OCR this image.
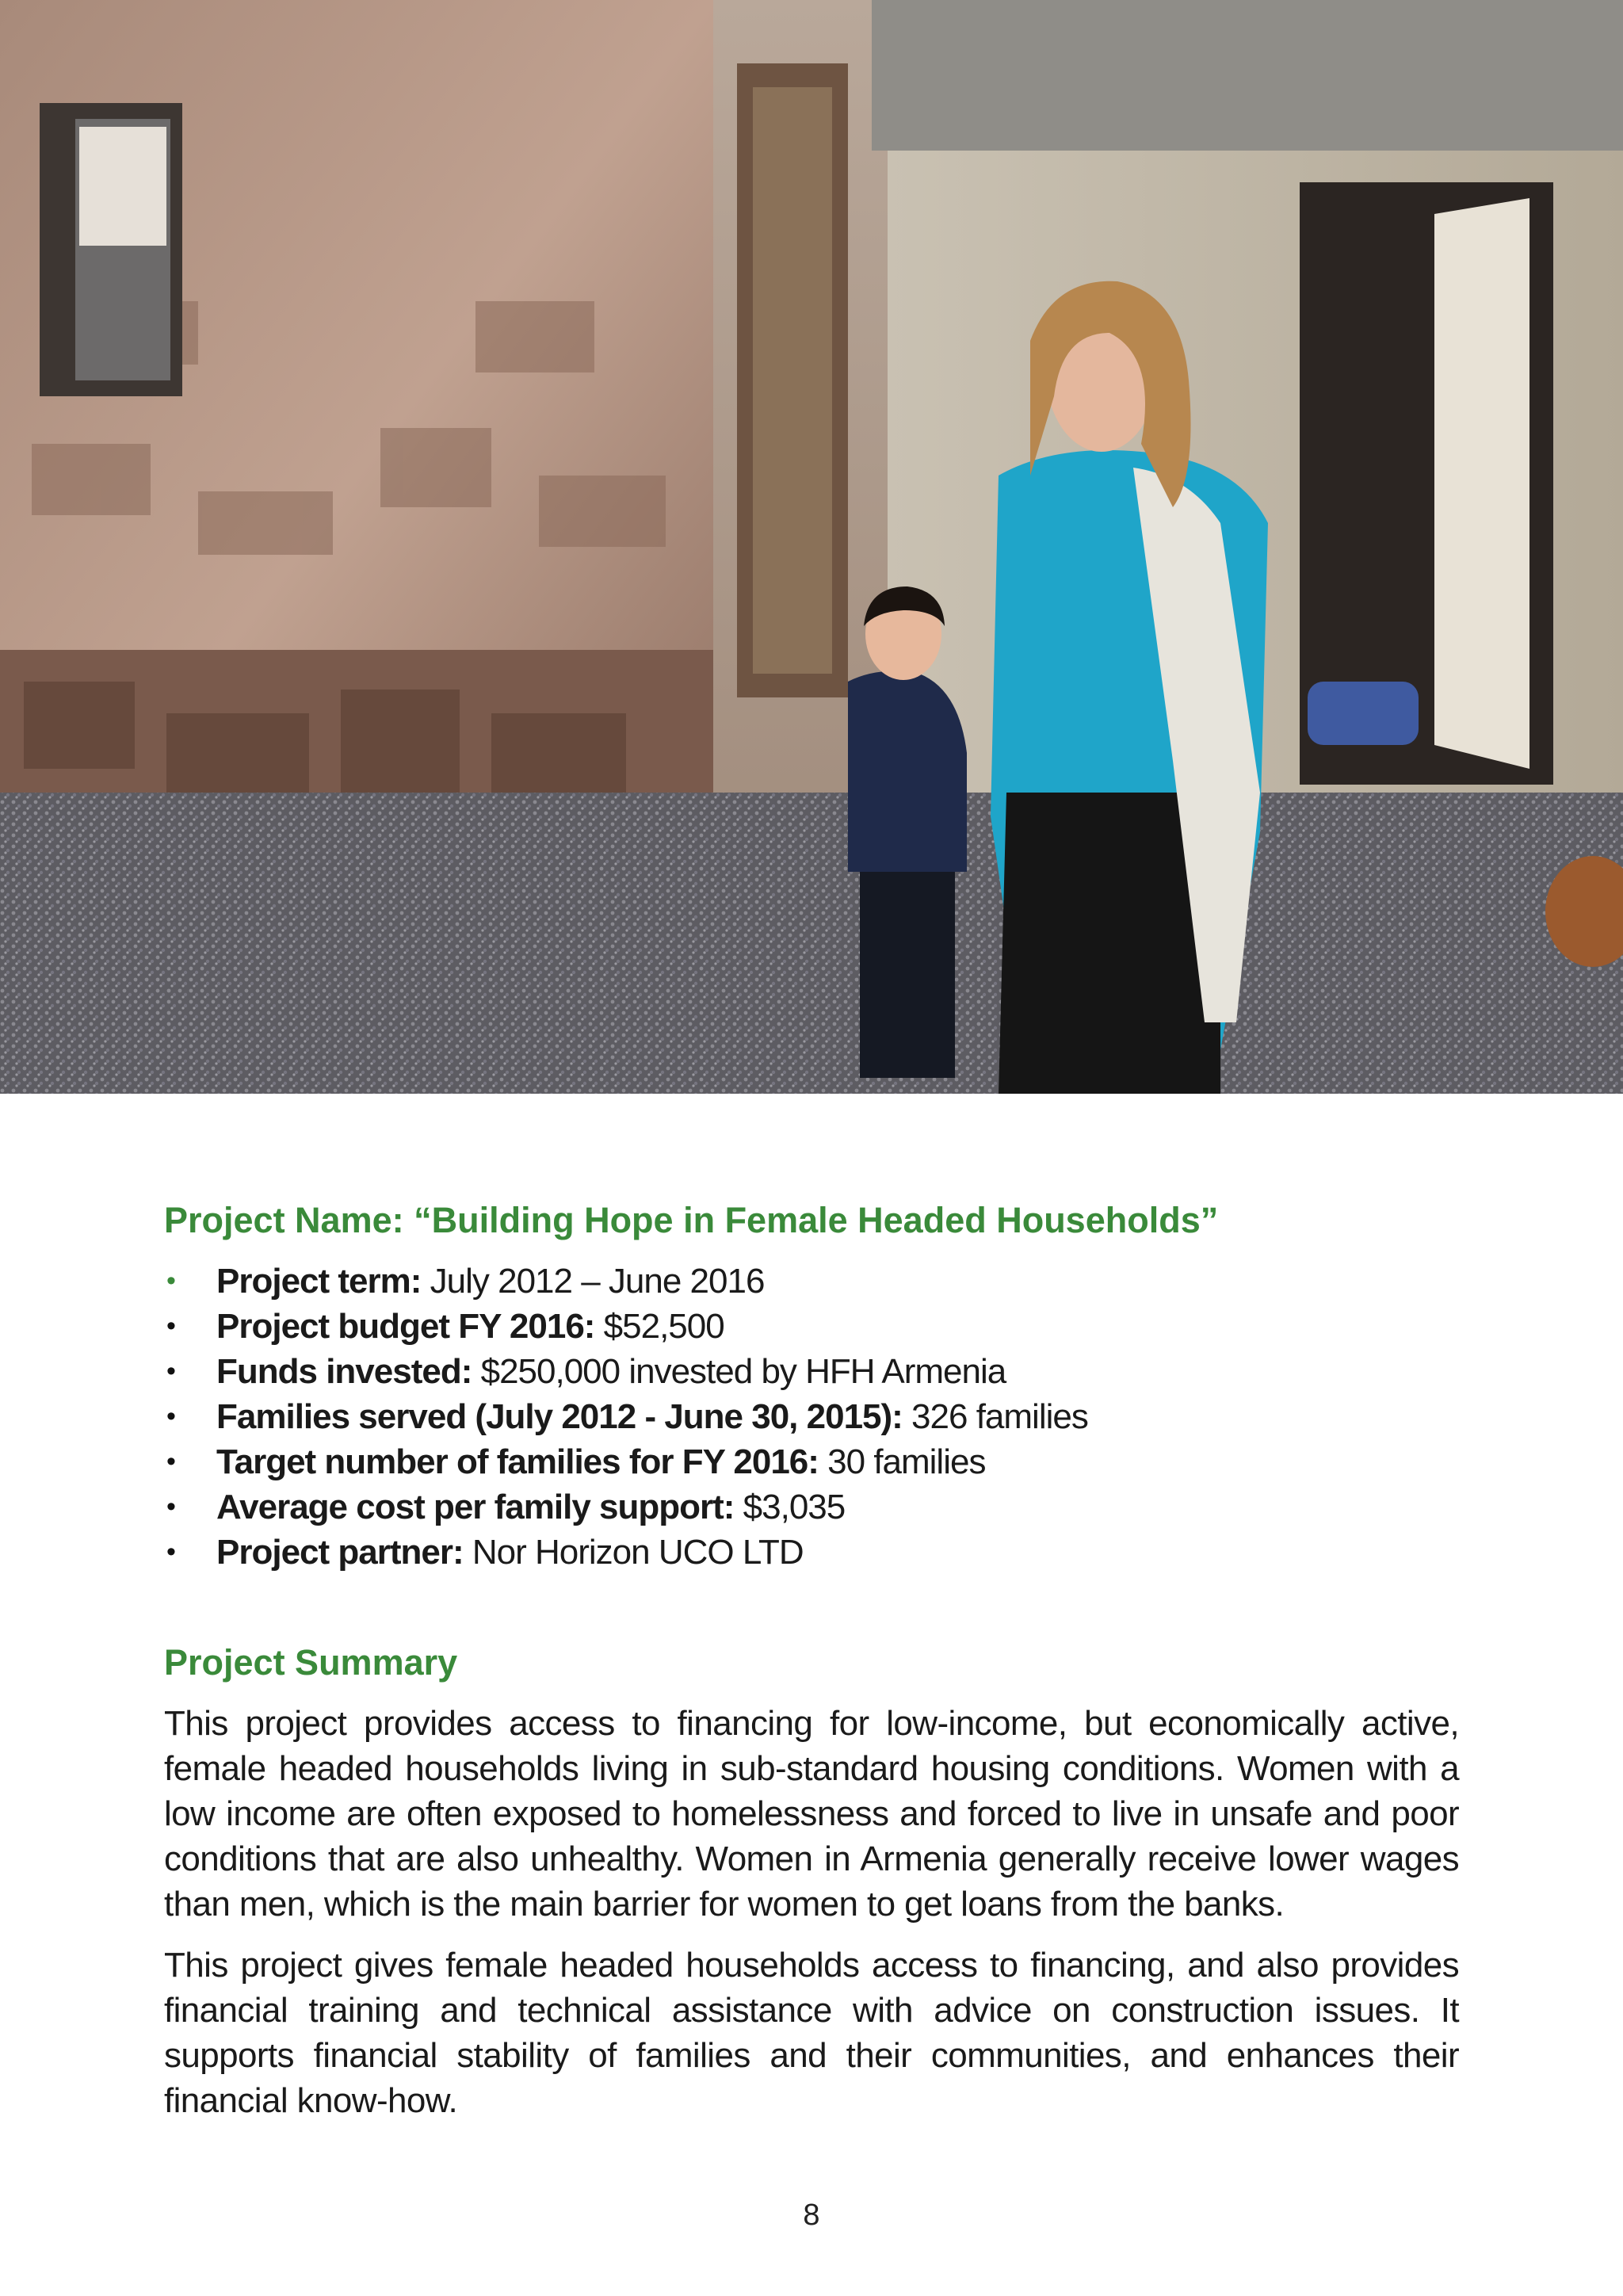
Project Name: “Building Hope in Female Headed Households”
• Project term: July 2012 – June 2016
• Project budget FY 2016: $52,500
• Funds invested: $250,000 invested by HFH Armenia
• Families served (July 2012 - June 30, 2015): 326 families
• Target number of families for FY 2016: 30 families
• Average cost per family support: $3,035
• Project partner: Nor Horizon UCO LTD
Project Summary

This project provides access to financing for low-income, but economically active, female headed households living in sub-standard housing conditions. Women with a low income are often exposed to homelessness and forced to live in unsafe and poor conditions that are also unhealthy. Women in Armenia generally receive lower wages than men, which is the main barrier for women to get loans from the banks.

This project gives female headed households access to financing, and also provides financial training and technical assistance with advice on construction issues. It supports financial stability of families and their communities, and enhances their financial know-how.

8
